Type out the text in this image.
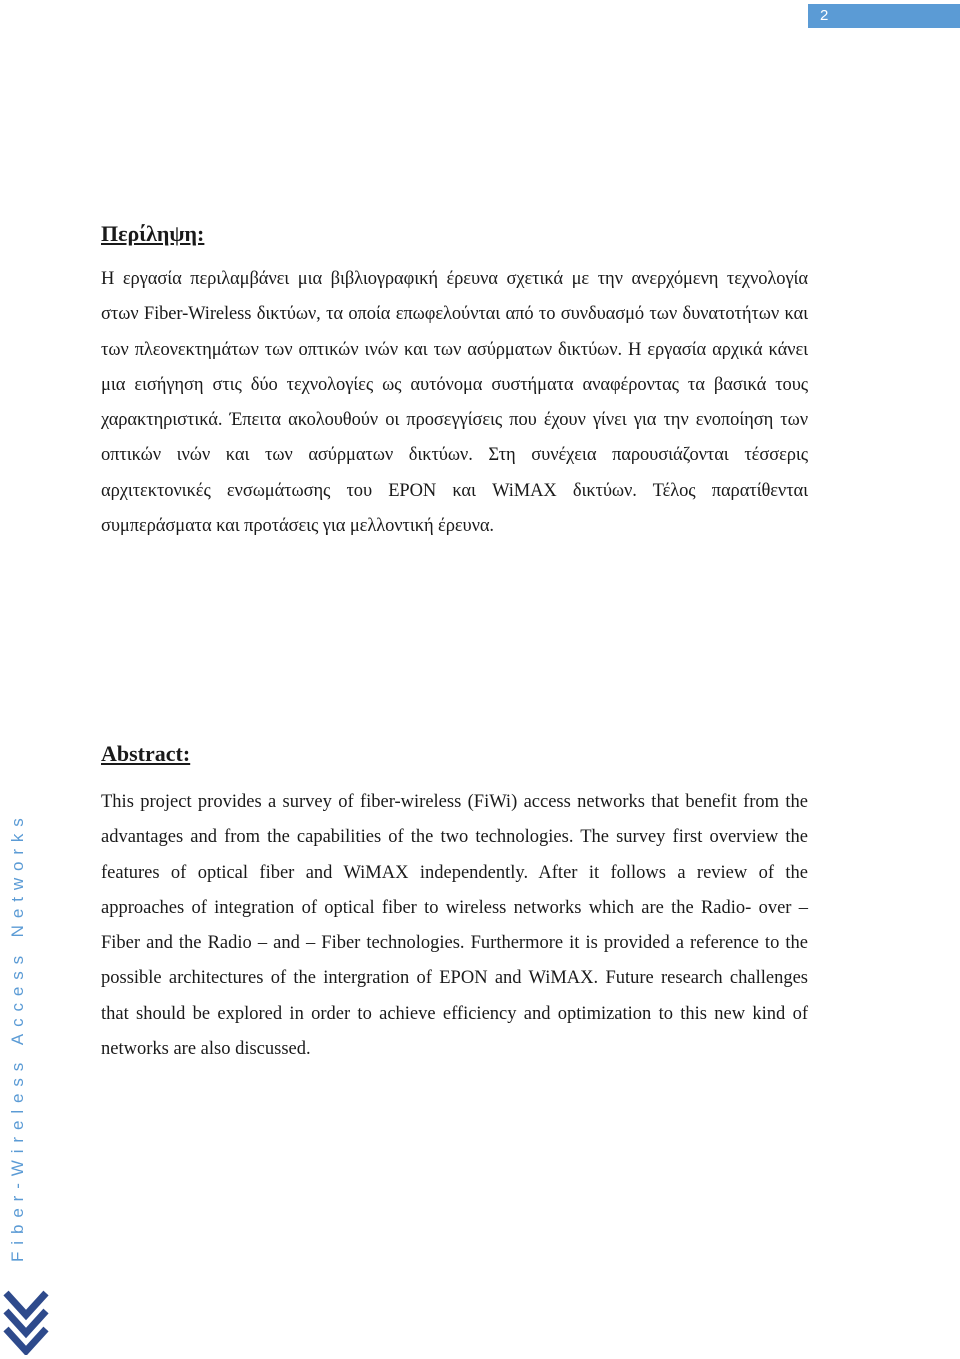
2
Περίληψη:

Η εργασία περιλαμβάνει μια βιβλιογραφική έρευνα σχετικά με την ανερχόμενη τεχνολογία στων Fiber-Wireless δικτύων, τα οποία επωφελούνται από το συνδυασμό των δυνατοτήτων και των πλεονεκτημάτων των οπτικών ινών και των ασύρματων δικτύων. Η εργασία αρχικά κάνει μια εισήγηση στις δύο τεχνολογίες ως αυτόνομα συστήματα αναφέροντας τα βασικά τους χαρακτηριστικά. Έπειτα ακολουθούν οι προσεγγίσεις που έχουν γίνει για την ενοποίηση των οπτικών ινών και των ασύρματων δικτύων. Στη συνέχεια παρουσιάζονται τέσσερις αρχιτεκτονικές ενσωμάτωσης του EPON και WiMAX δικτύων. Τέλος παρατίθενται συμπεράσματα και προτάσεις για μελλοντική έρευνα.

Abstract:

This project provides a survey of fiber-wireless (FiWi) access networks that benefit from the advantages and from the capabilities of the two technologies. The survey first overview the features of optical fiber and WiMAX independently. After it follows a review of the approaches of integration of optical fiber to wireless networks which are the Radio- over – Fiber and the Radio – and – Fiber technologies. Furthermore it is provided a reference to the possible architectures of the intergration of EPON and WiMAX. Future research challenges that should be explored in order to achieve efficiency and optimization to this new kind of networks are also discussed.

Fiber-Wireless Access Networks
